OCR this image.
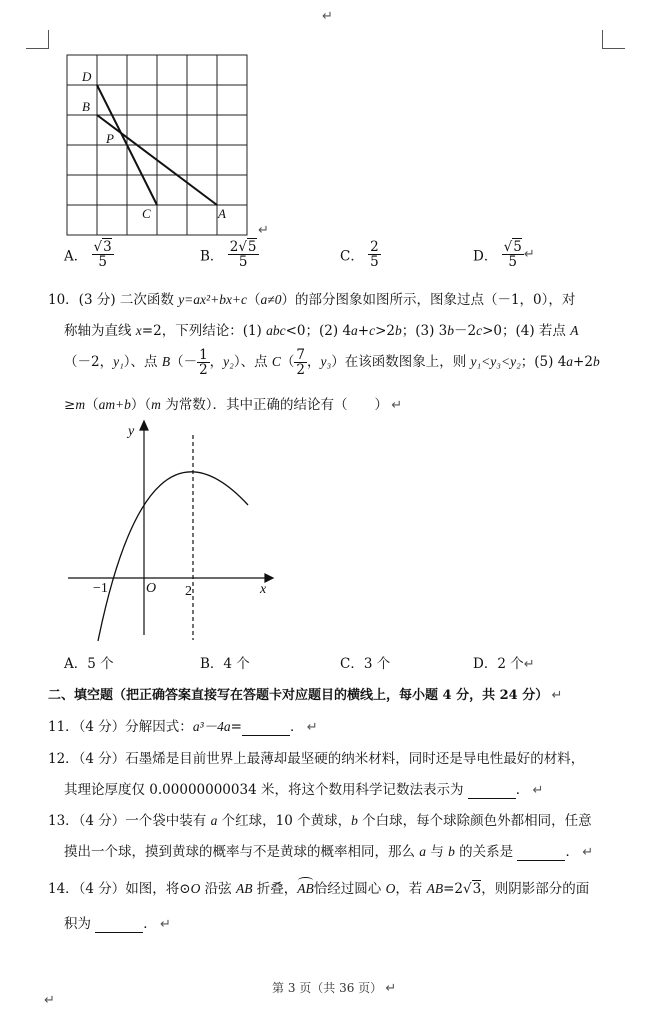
↵
↵
D
B
P
C	A
↵
A． $\frac{√3}{5}$	B． $\frac{2√5}{5}$	C． $\frac{2}{5}$	D． $\frac{√5}{5}$ ↵
10．(3 分) 二次函数 y=ax²+bx+c（a≠0）的部分图象如图所示，图象过点（－1，0），对
称轴为直线 x=2，下列结论：(1) abc<0；(2) 4a+c>2b；(3) 3b－2c>0；(4) 若点 A
（－2，y₁）、点 $B(- \frac{1}{2}$ ，y₂）、点 $C( \frac{7}{2}$ ，y₃）在该函数图象上，则 y₁<y₃<y₂；(5) 4a+2b
≥m（am+b）（m 为常数）．其中正确的结论有（　　） ↵
y
x
O
−1	2
A．5 个	B．4 个	C．3 个	D．2 个↵
二、填空题（把正确答案直接写在答题卡对应题目的横线上，每小题 4 分，共 24 分） ↵
11．（4 分）分解因式：a³－4a=	． ↵
12．（4 分）石墨烯是目前世界上最薄却最坚硬的纳米材料，同时还是导电性最好的材料，
其理论厚度仅 0.00000000034 米，将这个数用科学记数法表示为	． ↵
13．（4 分）一个袋中装有 a 个红球，10 个黄球，b 个白球，每个球除颜色外都相同，任意
摸出一个球，摸到黄球的概率与不是黄球的概率相同，那么 a 与 b 的关系是	． ↵
14．（4 分）如图，将⊙O 沿弦 AB 折叠，AB恰经过圆心 O，若 AB=2√3，则阴影部分的面
积为	． ↵
第 3 页（共 36 页） ↵
